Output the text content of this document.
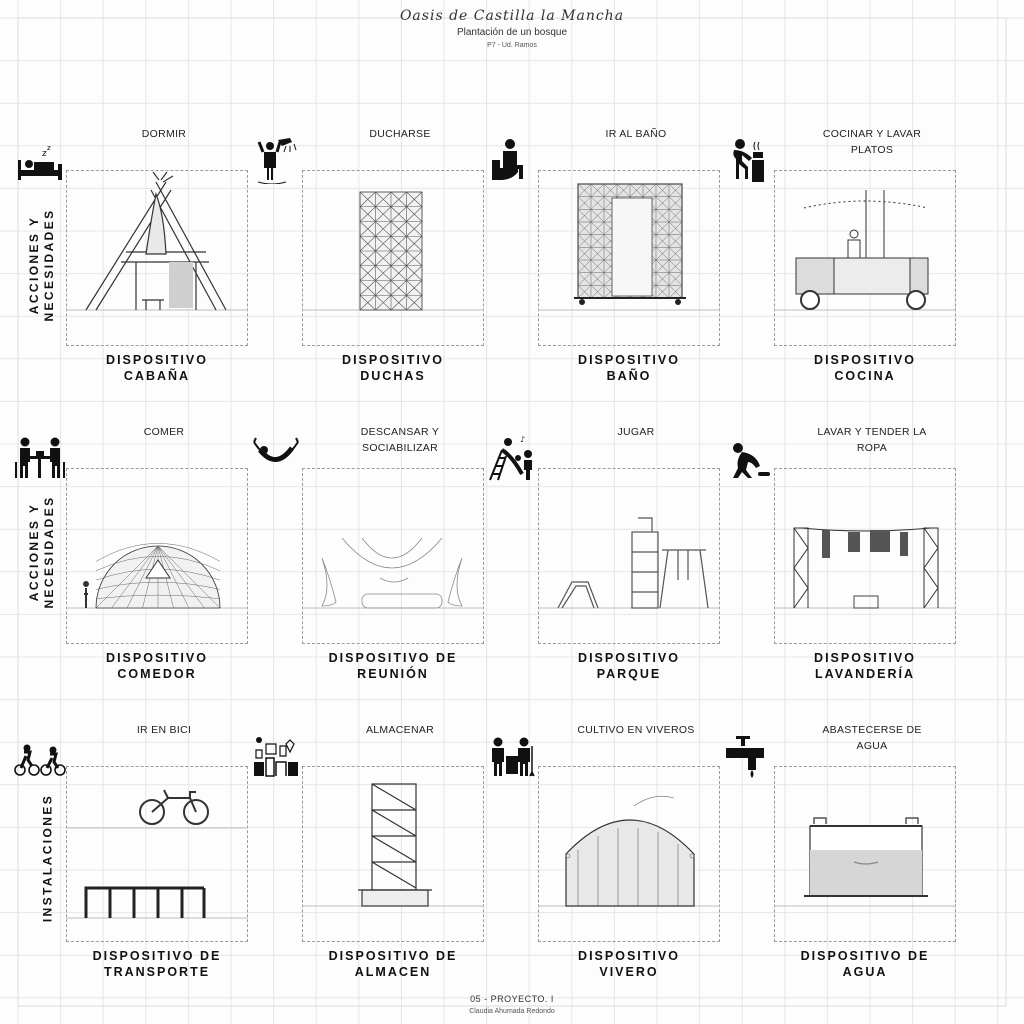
Oasis de Castilla la Mancha
Plantación de un bosque
P7 - Ud. Ramos
ACCIONES Y NECESIDADES
ACCIONES Y NECESIDADES
INSTALACIONES
DORMIR
z
z
DISPOSITIVO
CABAÑA
DUCHARSE
DISPOSITIVO
DUCHAS
IR AL BAÑO
DISPOSITIVO
BAÑO
COCINAR Y LAVAR
PLATOS
DISPOSITIVO
COCINA
COMER
DISPOSITIVO
COMEDOR
DESCANSAR Y
SOCIABILIZAR
DISPOSITIVO DE
REUNIÓN
JUGAR
♪
DISPOSITIVO
PARQUE
LAVAR Y TENDER LA
ROPA
DISPOSITIVO
LAVANDERÍA
IR EN BICI
DISPOSITIVO DE
TRANSPORTE
ALMACENAR
DISPOSITIVO DE
ALMACEN
CULTIVO EN VIVEROS
DISPOSITIVO
VIVERO
ABASTECERSE DE
AGUA
DISPOSITIVO DE
AGUA
05 - PROYECTO. I
Claudia Ahumada Redondo
